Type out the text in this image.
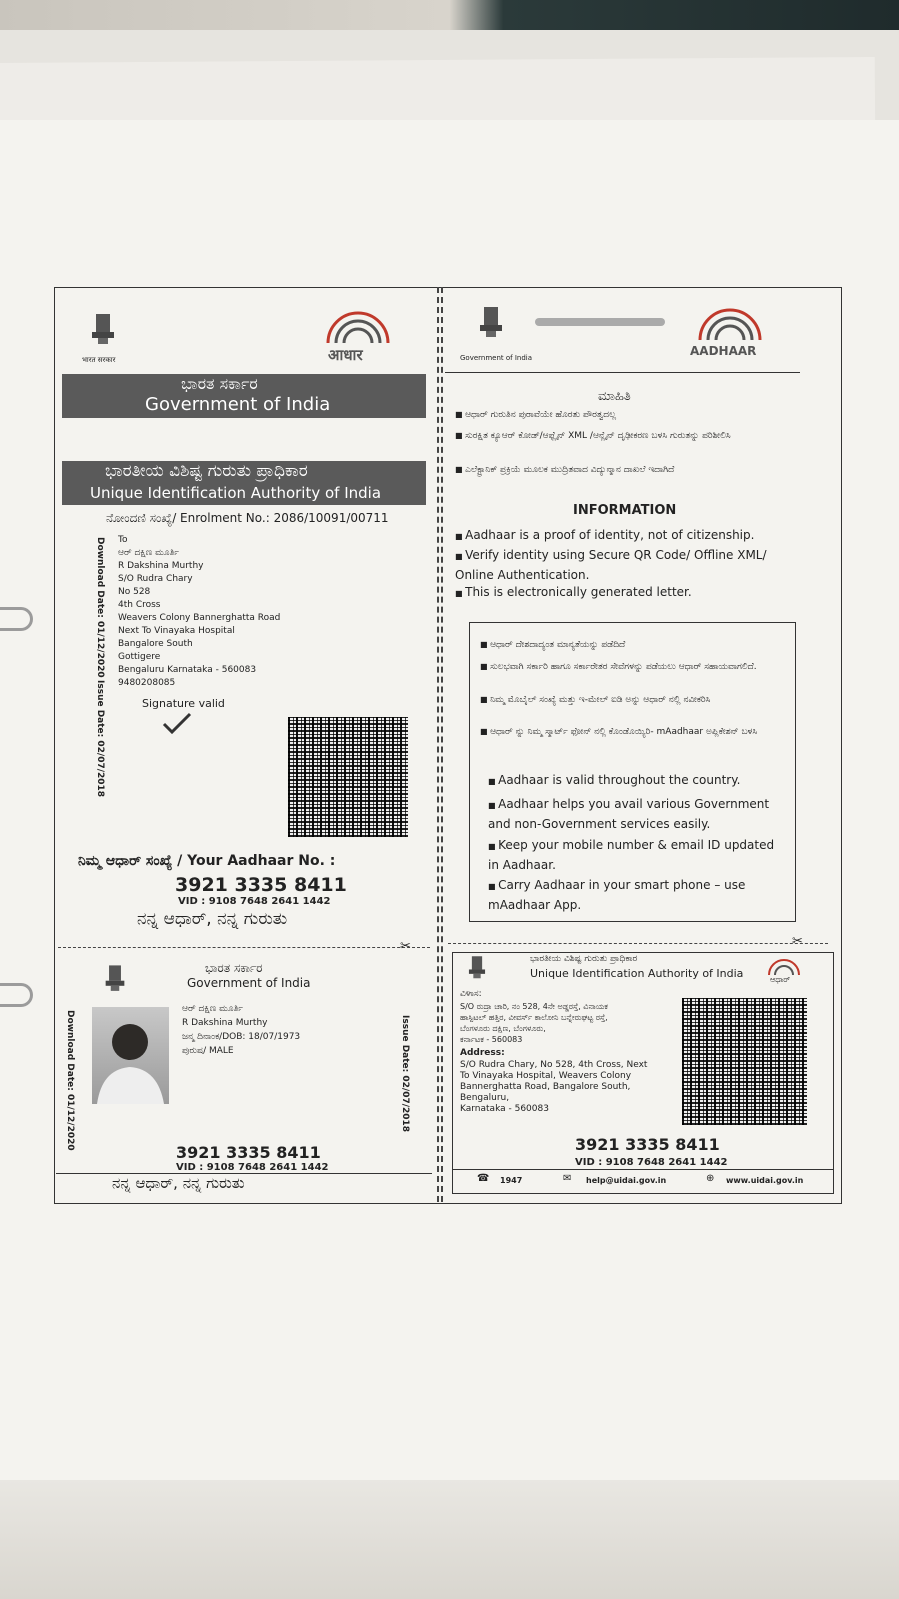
भारत सरकार	आधार
ಭಾರತ ಸರ್ಕಾರ
Government of India
ಭಾರತೀಯ ವಿಶಿಷ್ಟ ಗುರುತು ಪ್ರಾಧಿಕಾರ
Unique Identification Authority of India
ನೋಂದಣಿ ಸಂಖ್ಯೆ/ Enrolment No.: 2086/10091/00711
Download Date: 01/12/2020
Issue Date: 02/07/2018
To
ಆರ್ ದಕ್ಷಿಣ ಮೂರ್ತಿ
R Dakshina Murthy
S/O Rudra Chary
No 528
4th Cross
Weavers Colony Bannerghatta Road
Next To Vinayaka Hospital
Bangalore South
Gottigere
Bengaluru Karnataka - 560083
9480208085
Signature valid
ನಿಮ್ಮ ಆಧಾರ್ ಸಂಖ್ಯೆ / Your Aadhaar No. :
3921 3335 8411
VID : 9108 7648 2641 1442
ನನ್ನ ಆಧಾರ್, ನನ್ನ ಗುರುತು
Government of India	AADHAAR
ಮಾಹಿತಿ
■ ಆಧಾರ್ ಗುರುತಿನ ಪುರಾವೆಯೇ ಹೊರತು ಪೌರತ್ವದಲ್ಲ
■ ಸುರಕ್ಷಿತ ಕ್ಯೂಆರ್ ಕೋಡ್/ಆಫ್ಲೈನ್ XML /ಆನ್ಲೈನ್ ದೃಢೀಕರಣ ಬಳಸಿ ಗುರುತನ್ನು ಪರಿಶೀಲಿಸಿ
■ ಎಲೆಕ್ಟ್ರಾನಿಕ್ ಪ್ರಕ್ರಿಯೆ ಮೂಲಕ ಮುದ್ರಿತವಾದ ವಿದ್ಯುನ್ಮಾನ ದಾಖಲೆ ಇದಾಗಿದೆ
INFORMATION
■ Aadhaar is a proof of identity, not of citizenship.
■ Verify identity using Secure QR Code/ Offline XML/ Online Authentication.
■ This is electronically generated letter.
■ ಆಧಾರ್ ದೇಶದಾದ್ಯಂತ ಮಾನ್ಯತೆಯನ್ನು ಪಡೆದಿದೆ
■ ಸುಲಭವಾಗಿ ಸರ್ಕಾರಿ ಹಾಗೂ ಸರ್ಕಾರೇತರ ಸೇವೆಗಳನ್ನು ಪಡೆಯಲು ಆಧಾರ್ ಸಹಾಯವಾಗಲಿದೆ.
■ ನಿಮ್ಮ ಮೊಬೈಲ್ ಸಂಖ್ಯೆ ಮತ್ತು ಇ-ಮೇಲ್ ಐಡಿ ಅನ್ನು ಆಧಾರ್ ನಲ್ಲಿ ನವೀಕರಿಸಿ
■ ಆಧಾರ್ ನ್ನು ನಿಮ್ಮ ಸ್ಮಾರ್ಟ್ ಫೋನ್ ನಲ್ಲಿ ಕೊಂಡೊಯ್ಯಿರಿ- mAadhaar ಅಪ್ಲಿಕೇಶನ್ ಬಳಸಿ
■ Aadhaar is valid throughout the country.
■ Aadhaar helps you avail various Government and non-Government services easily.
■ Keep your mobile number & email ID updated in Aadhaar.
■ Carry Aadhaar in your smart phone – use mAadhaar App.
✂	✂
ಭಾರತ ಸರ್ಕಾರ
Government of India
Download Date: 01/12/2020
ಆರ್ ದಕ್ಷಿಣ ಮೂರ್ತಿ
R Dakshina Murthy
ಜನ್ಮ ದಿನಾಂಕ/DOB: 18/07/1973
ಪುರುಷ/ MALE	Issue Date: 02/07/2018
3921 3335 8411
VID : 9108 7648 2641 1442
ನನ್ನ ಆಧಾರ್, ನನ್ನ ಗುರುತು
ಭಾರತೀಯ ವಿಶಿಷ್ಟ ಗುರುತು ಪ್ರಾಧಿಕಾರ
Unique Identification Authority of India	ಆಧಾರ್
ವಿಳಾಸ:
S/O ರುದ್ರಾ ಚಾರಿ, ನಂ 528, 4ನೇ ಅಡ್ಡರಸ್ತೆ, ವಿನಾಯಕ
ಹಾಸ್ಪಿಟಲ್ ಹತ್ತಿರ, ವೀವರ್ಸ್ ಕಾಲೋನಿ ಬನ್ನೇರುಘಟ್ಟ ರಸ್ತೆ,
ಬೆಂಗಳೂರು ದಕ್ಷಿಣ, ಬೆಂಗಳೂರು,
ಕರ್ನಾಟಕ - 560083
Address:
S/O Rudra Chary, No 528, 4th Cross, Next
To Vinayaka Hospital, Weavers Colony
Bannerghatta Road, Bangalore South,
Bengaluru,
Karnataka - 560083
3921 3335 8411
VID : 9108 7648 2641 1442
☎ 1947	✉ help@uidai.gov.in	⊕ www.uidai.gov.in
